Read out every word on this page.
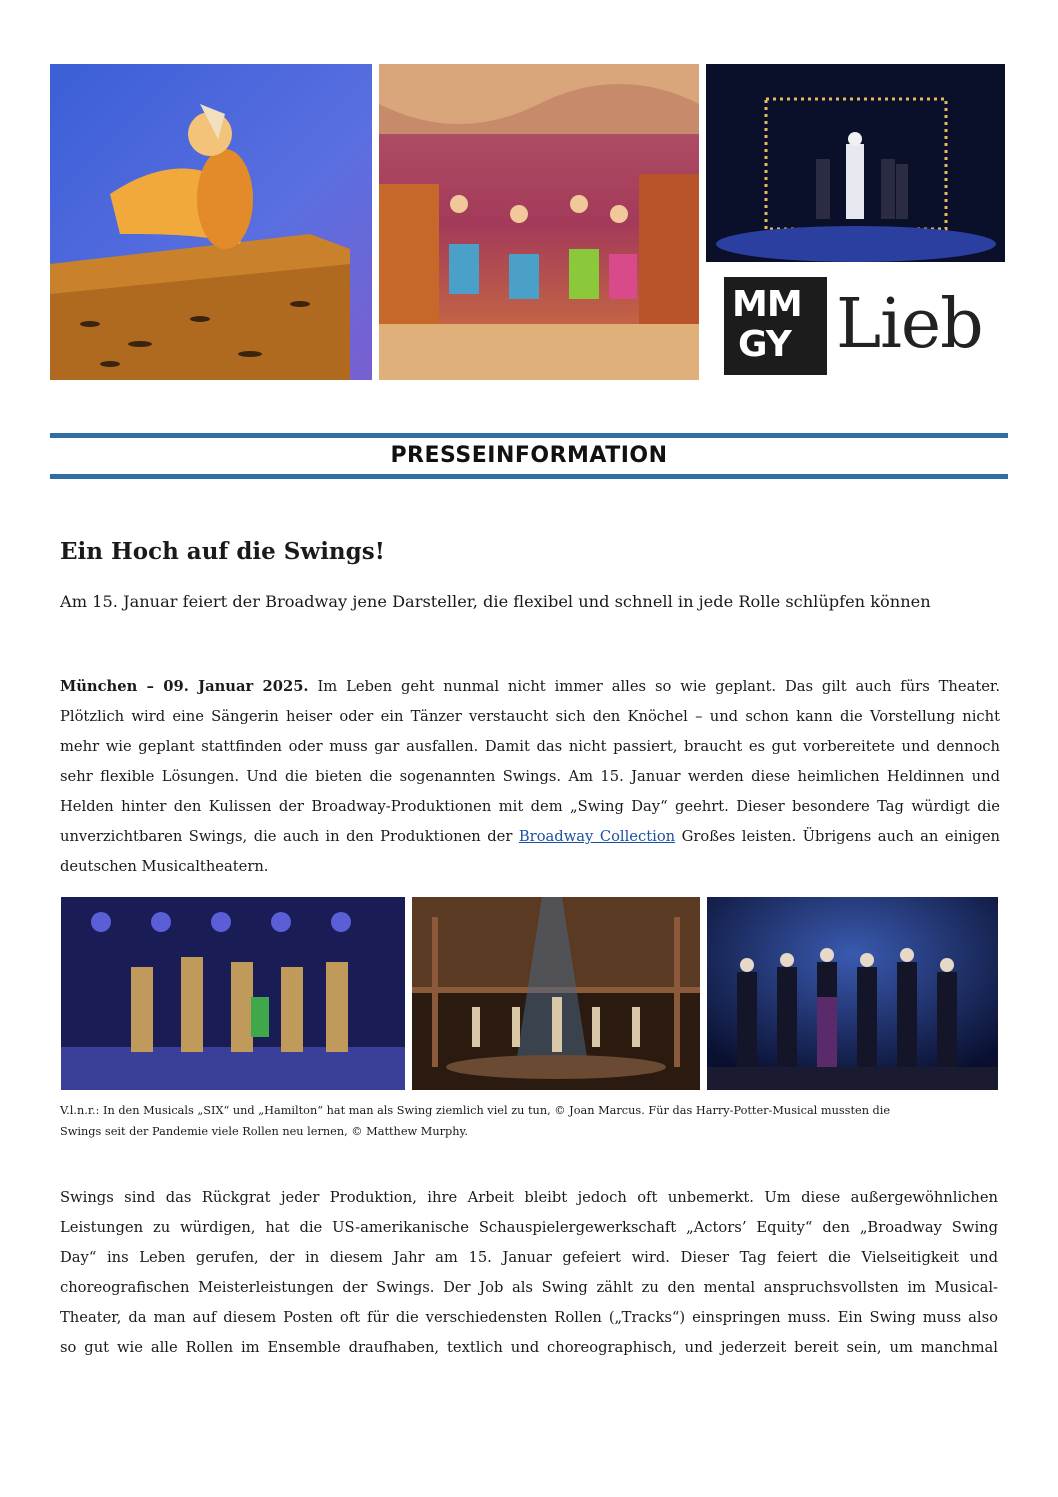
MM
GY Lieb
PRESSEINFORMATION
Ein Hoch auf die Swings!
Am 15. Januar feiert der Broadway jene Darsteller, die flexibel und schnell in jede Rolle schlüpfen können

München – 09. Januar 2025. Im Leben geht nunmal nicht immer alles so wie geplant. Das gilt auch fürs Theater.

Plötzlich wird eine Sängerin heiser oder ein Tänzer verstaucht sich den Knöchel – und schon kann die Vorstellung nicht

mehr wie geplant stattfinden oder muss gar ausfallen. Damit das nicht passiert, braucht es gut vorbereitete und dennoch

sehr flexible Lösungen. Und die bieten die sogenannten Swings. Am 15. Januar werden diese heimlichen Heldinnen und

Helden hinter den Kulissen der Broadway-Produktionen mit dem „Swing Day“ geehrt. Dieser besondere Tag würdigt die

unverzichtbaren Swings, die auch in den Produktionen der Broadway Collection Großes leisten. Übrigens auch an einigen

deutschen Musicaltheatern.

V.l.n.r.: In den Musicals „SIX“ und „Hamilton“ hat man als Swing ziemlich viel zu tun, © Joan Marcus. Für das Harry-Potter-Musical mussten die

Swings seit der Pandemie viele Rollen neu lernen, © Matthew Murphy.

Swings sind das Rückgrat jeder Produktion, ihre Arbeit bleibt jedoch oft unbemerkt. Um diese außergewöhnlichen

Leistungen zu würdigen, hat die US-amerikanische Schauspielergewerkschaft „Actors’ Equity“ den „Broadway Swing

Day“ ins Leben gerufen, der in diesem Jahr am 15. Januar gefeiert wird. Dieser Tag feiert die Vielseitigkeit und

choreografischen Meisterleistungen der Swings. Der Job als Swing zählt zu den mental anspruchsvollsten im Musical-

Theater, da man auf diesem Posten oft für die verschiedensten Rollen („Tracks“) einspringen muss. Ein Swing muss also

so gut wie alle Rollen im Ensemble draufhaben, textlich und choreographisch, und jederzeit bereit sein, um manchmal
